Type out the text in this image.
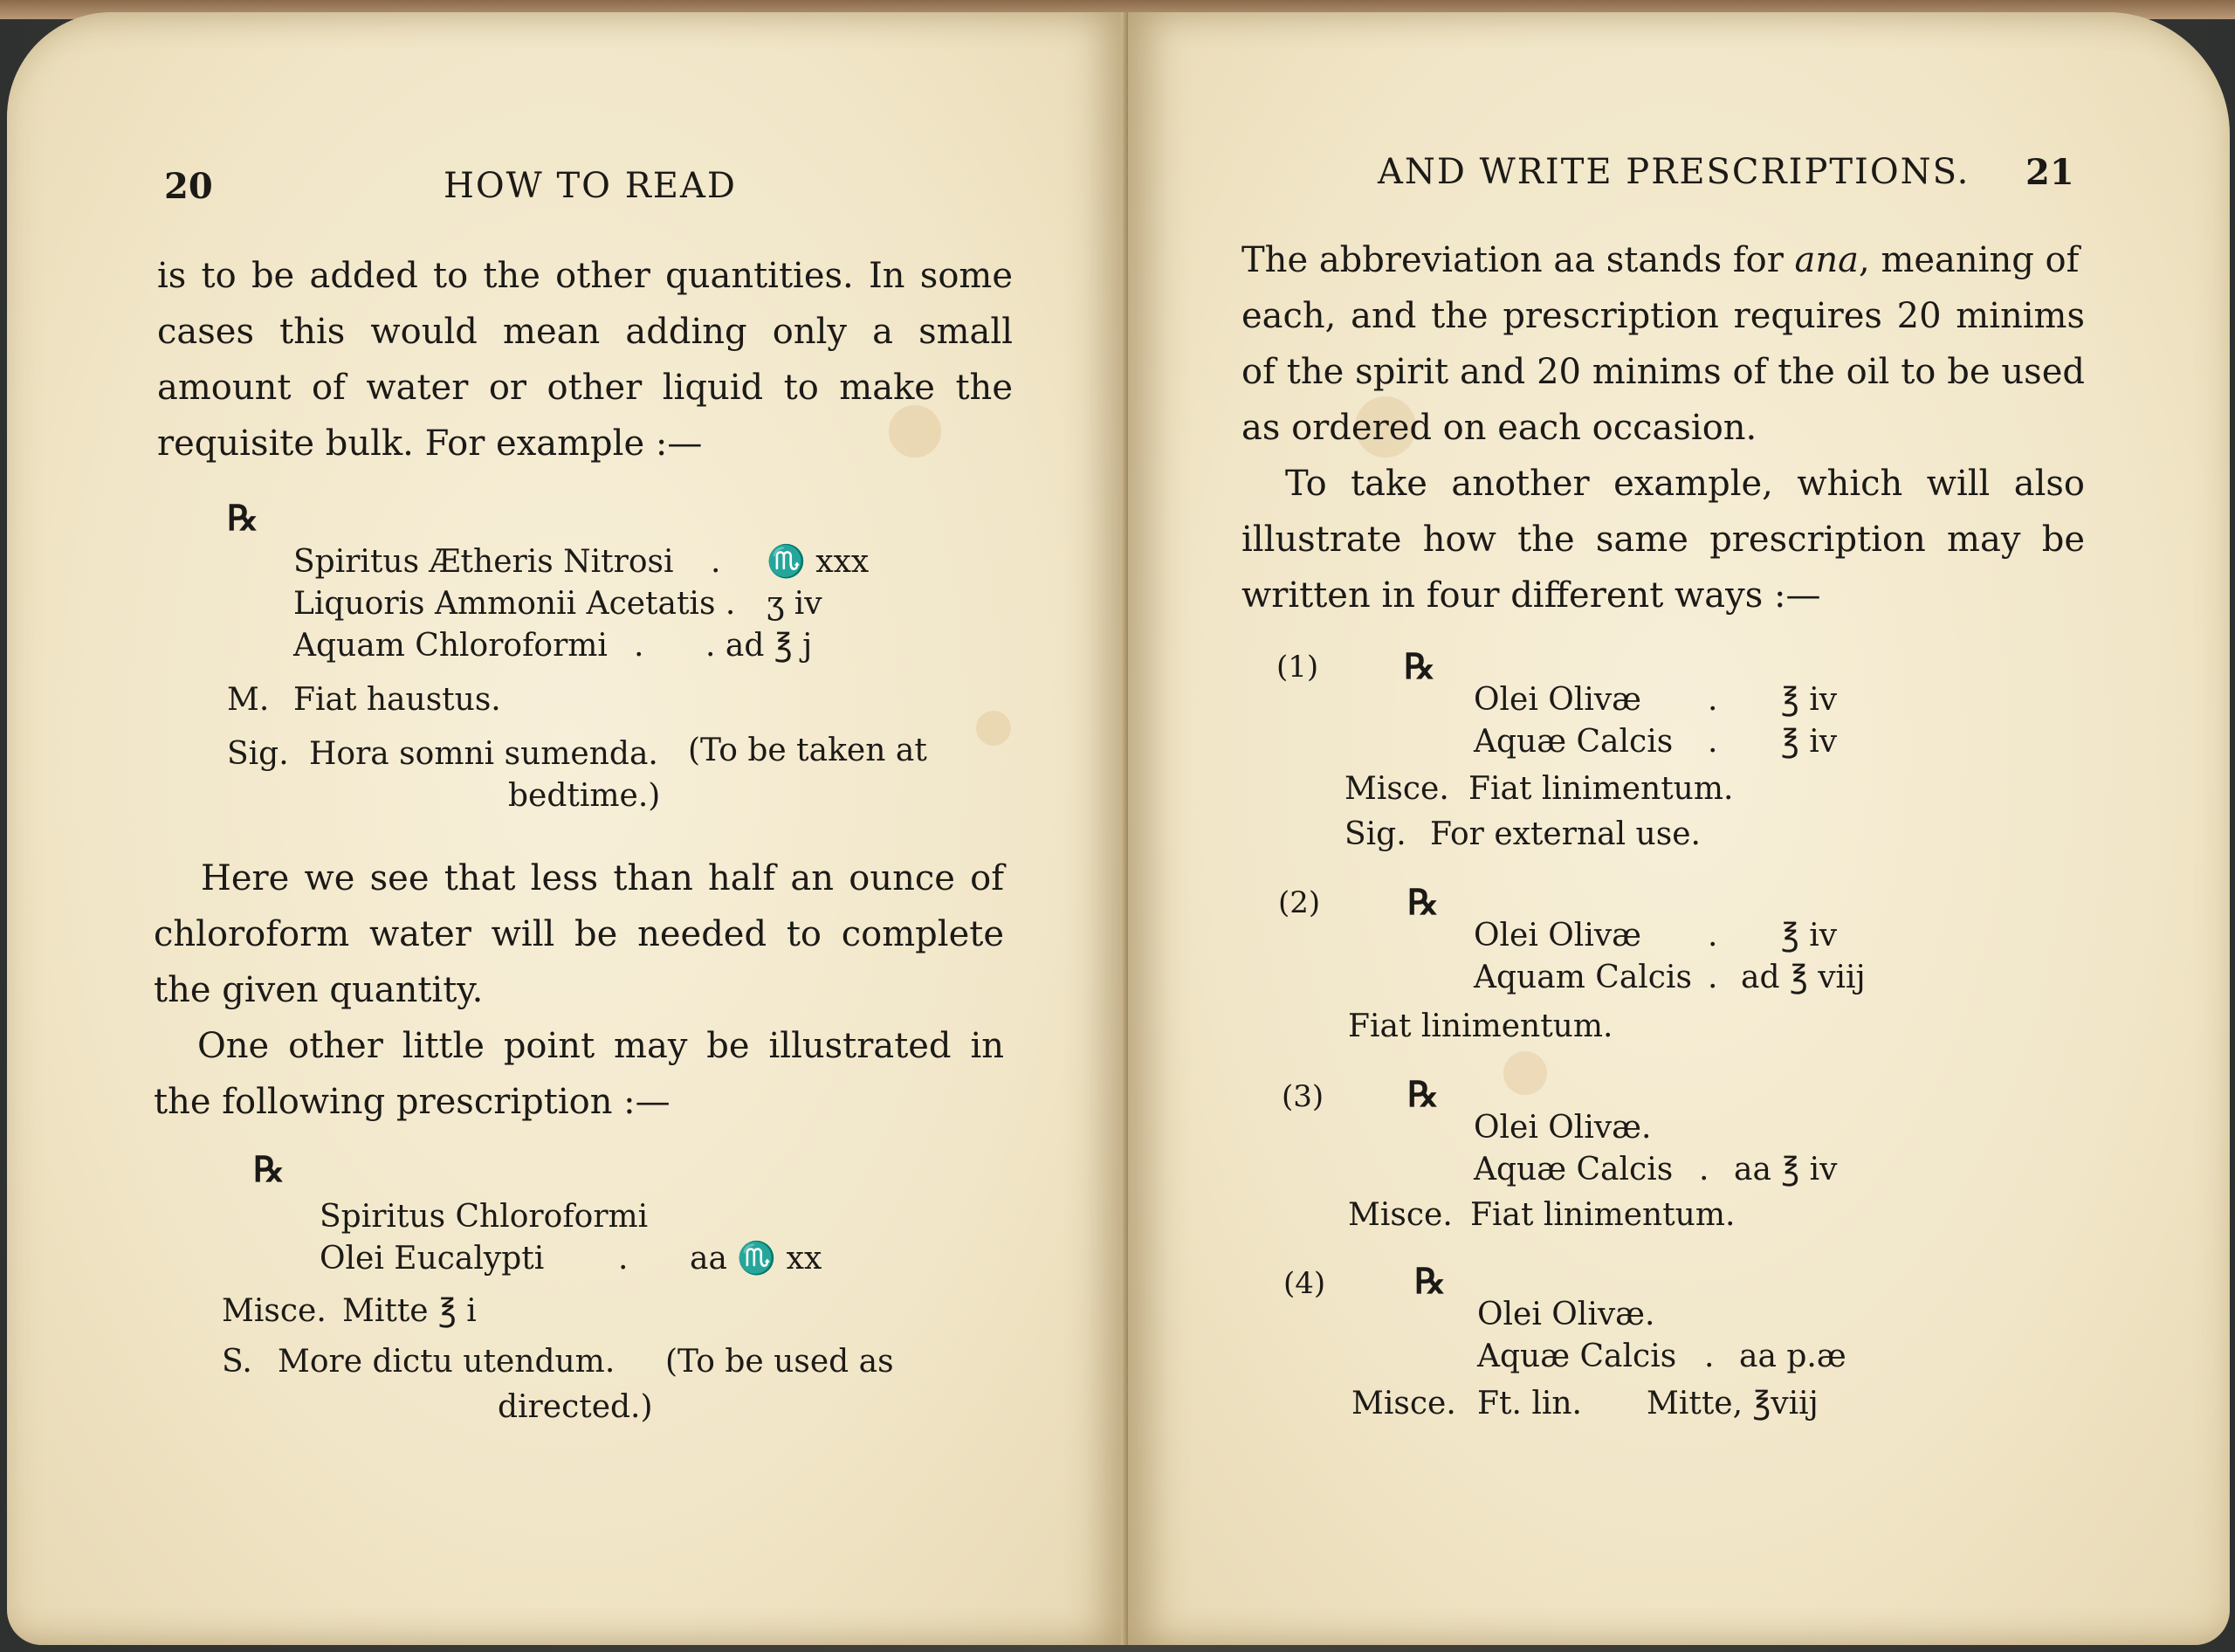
20	HOW TO READ
is to be added to the other quantities. In some
cases this would mean adding only a small
amount of water or other liquid to make the
requisite bulk. For example :—
℞
Spiritus Ætheris Nitrosi . ♏ xxx
Liquoris Ammonii Acetatis . ʒ iv
Aquam Chloroformi . . ad ℥ j
M. Fiat haustus.
Sig. Hora somni sumenda. (To be taken at
bedtime.)
Here we see that less than half an ounce of
chloroform water will be needed to complete
the given quantity.
One other little point may be illustrated in
the following prescription :—
℞
Spiritus Chloroformi
Olei Eucalypti . aa ♏ xx
Misce. Mitte ℥ i
S. More dictu utendum. (To be used as
directed.)
AND WRITE PRESCRIPTIONS. 21
The abbreviation aa stands for ana, meaning of
each, and the prescription requires 20 minims
of the spirit and 20 minims of the oil to be used
as ordered on each occasion.
To take another example, which will also
illustrate how the same prescription may be
written in four different ways :—
(1) ℞
Olei Olivæ . ℥ iv
Aquæ Calcis . ℥ iv
Misce. Fiat linimentum.
Sig. For external use.
(2) ℞
Olei Olivæ . ℥ iv
Aquam Calcis . ad ℥ viij
Fiat linimentum.
(3) ℞
Olei Olivæ.
Aquæ Calcis . aa ℥ iv
Misce. Fiat linimentum.
(4)	℞
Olei Olivæ.
Aquæ Calcis . aa p.æ
Misce. Ft. lin. Mitte, ℥viij
